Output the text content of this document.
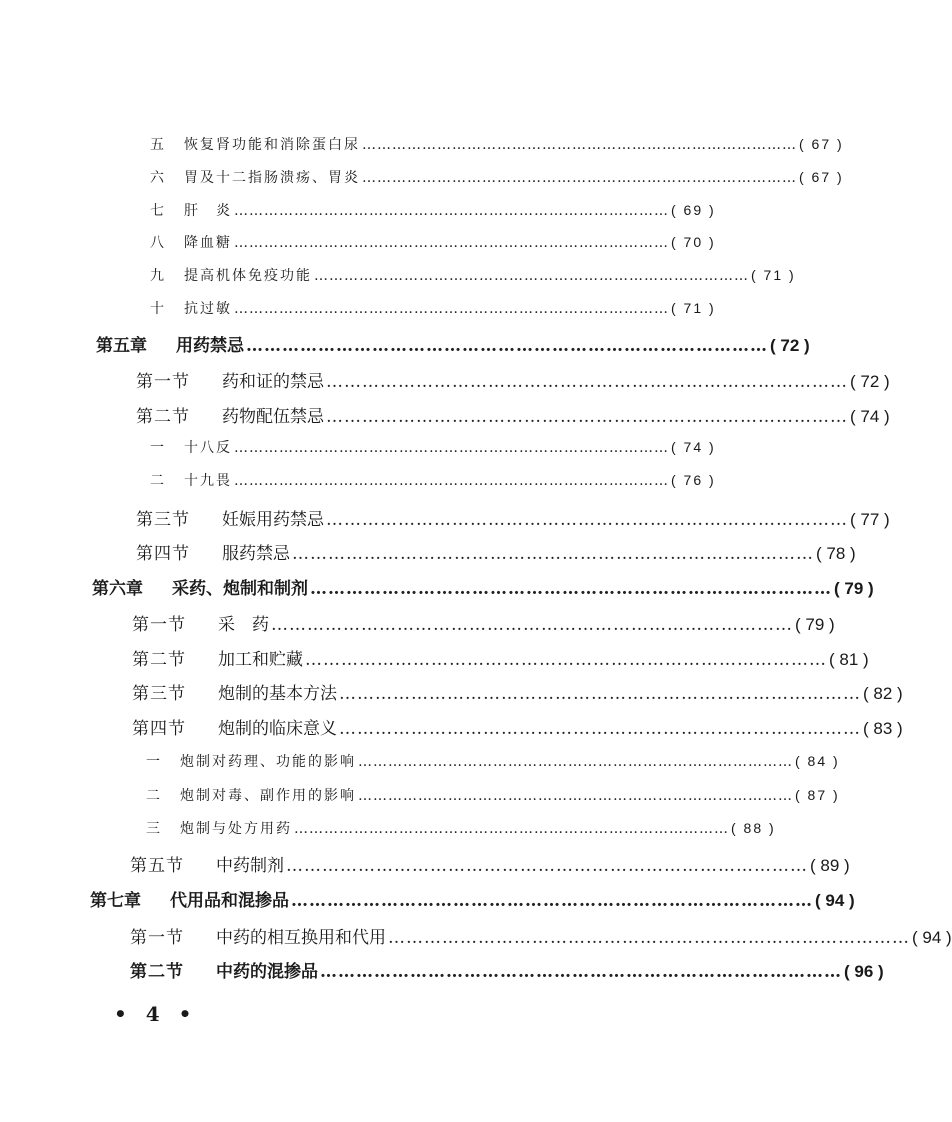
五	恢复肾功能和消除蛋白尿 …………………………………………………………………………… ( 67 )
六	胃及十二指肠溃疡、胃炎 …………………………………………………………………………… ( 67 )
七	肝　炎 …………………………………………………………………………… ( 69 )
八	降血糖 …………………………………………………………………………… ( 70 )
九	提高机体免疫功能 …………………………………………………………………………… ( 71 )
十	抗过敏 …………………………………………………………………………… ( 71 )
第五章	用药禁忌 …………………………………………………………………………… ( 72 )
第一节	药和证的禁忌 …………………………………………………………………………… ( 72 )
第二节	药物配伍禁忌 …………………………………………………………………………… ( 74 )
一	十八反 …………………………………………………………………………… ( 74 )
二	十九畏 …………………………………………………………………………… ( 76 )
第三节	妊娠用药禁忌 …………………………………………………………………………… ( 77 )
第四节	服药禁忌 …………………………………………………………………………… ( 78 )
第六章	采药、炮制和制剂 …………………………………………………………………………… ( 79 )
第一节	采　药 …………………………………………………………………………… ( 79 )
第二节	加工和贮藏 …………………………………………………………………………… ( 81 )
第三节	炮制的基本方法 …………………………………………………………………………… ( 82 )
第四节	炮制的临床意义 …………………………………………………………………………… ( 83 )
一	炮制对药理、功能的影响 …………………………………………………………………………… ( 84 )
二	炮制对毒、副作用的影响 …………………………………………………………………………… ( 87 )
三	炮制与处方用药 …………………………………………………………………………… ( 88 )
第五节	中药制剂 …………………………………………………………………………… ( 89 )
第七章	代用品和混掺品 …………………………………………………………………………… ( 94 )
第一节	中药的相互换用和代用 …………………………………………………………………………… ( 94 )
第二节	中药的混掺品 …………………………………………………………………………… ( 96 )
• 4 •
